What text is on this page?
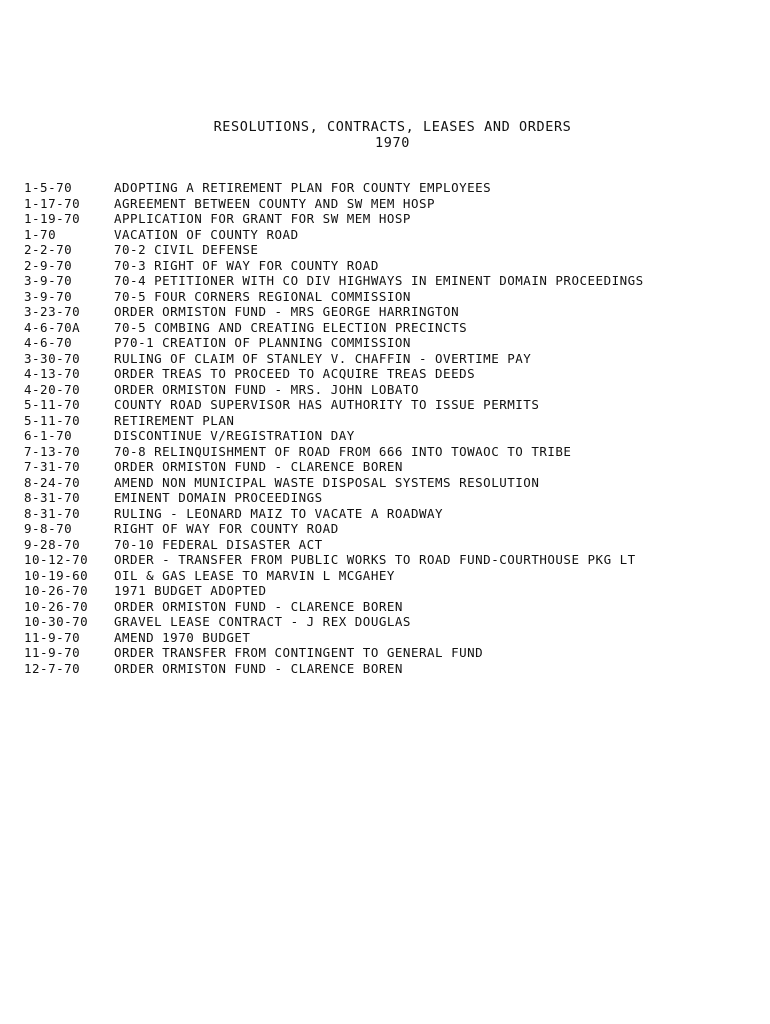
RESOLUTIONS, CONTRACTS, LEASES AND ORDERS
1970
1-5-70	ADOPTING A RETIREMENT PLAN FOR COUNTY EMPLOYEES
1-17-70	AGREEMENT BETWEEN COUNTY AND SW MEM HOSP
1-19-70	APPLICATION FOR GRANT FOR SW MEM HOSP
1-70	VACATION OF COUNTY ROAD
2-2-70	70-2 CIVIL DEFENSE
2-9-70	70-3 RIGHT OF WAY FOR COUNTY ROAD
3-9-70	70-4 PETITIONER WITH CO DIV HIGHWAYS IN EMINENT DOMAIN PROCEEDINGS
3-9-70	70-5 FOUR CORNERS REGIONAL COMMISSION
3-23-70	ORDER ORMISTON FUND - MRS GEORGE HARRINGTON
4-6-70A	70-5 COMBING AND CREATING ELECTION PRECINCTS
4-6-70	P70-1 CREATION OF PLANNING COMMISSION
3-30-70	RULING OF CLAIM OF STANLEY V. CHAFFIN - OVERTIME PAY
4-13-70	ORDER TREAS TO PROCEED TO ACQUIRE TREAS DEEDS
4-20-70	ORDER ORMISTON FUND - MRS. JOHN LOBATO
5-11-70	COUNTY ROAD SUPERVISOR HAS AUTHORITY TO ISSUE PERMITS
5-11-70	RETIREMENT PLAN
6-1-70	DISCONTINUE V/REGISTRATION DAY
7-13-70	70-8 RELINQUISHMENT OF ROAD FROM 666 INTO TOWAOC TO TRIBE
7-31-70	ORDER ORMISTON FUND - CLARENCE BOREN
8-24-70	AMEND NON MUNICIPAL WASTE DISPOSAL SYSTEMS RESOLUTION
8-31-70	EMINENT DOMAIN PROCEEDINGS
8-31-70	RULING - LEONARD MAIZ TO VACATE A ROADWAY
9-8-70	RIGHT OF WAY FOR COUNTY ROAD
9-28-70	70-10 FEDERAL DISASTER ACT
10-12-70	ORDER - TRANSFER FROM PUBLIC WORKS TO ROAD FUND-COURTHOUSE PKG LT
10-19-60	OIL & GAS LEASE TO MARVIN L MCGAHEY
10-26-70	1971 BUDGET ADOPTED
10-26-70	ORDER ORMISTON FUND - CLARENCE BOREN
10-30-70	GRAVEL LEASE CONTRACT - J REX DOUGLAS
11-9-70	AMEND 1970 BUDGET
11-9-70	ORDER TRANSFER FROM CONTINGENT TO GENERAL FUND
12-7-70	ORDER ORMISTON FUND - CLARENCE BOREN
